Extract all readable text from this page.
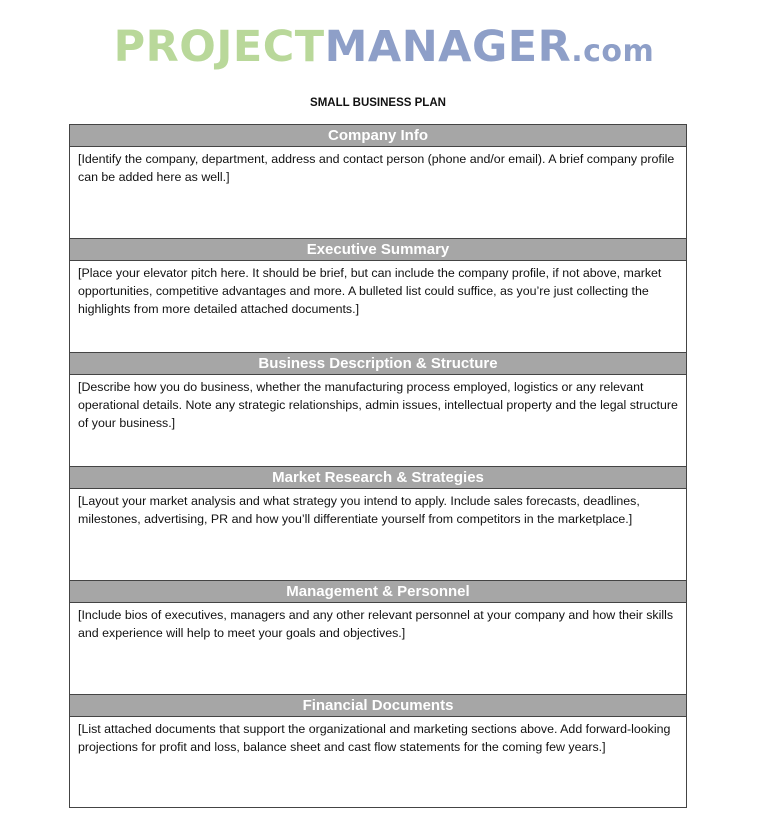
PROJECTMANAGER.com
SMALL BUSINESS PLAN
Company Info
[Identify the company, department, address and contact person (phone and/or email). A brief company profile can be added here as well.]
Executive Summary
[Place your elevator pitch here. It should be brief, but can include the company profile, if not above, market opportunities, competitive advantages and more. A bulleted list could suffice, as you’re just collecting the highlights from more detailed attached documents.]
Business Description & Structure
[Describe how you do business, whether the manufacturing process employed, logistics or any relevant operational details. Note any strategic relationships, admin issues, intellectual property and the legal structure of your business.]
Market Research & Strategies
[Layout your market analysis and what strategy you intend to apply. Include sales forecasts, deadlines, milestones, advertising, PR and how you’ll differentiate yourself from competitors in the marketplace.]
Management & Personnel
[Include bios of executives, managers and any other relevant personnel at your company and how their skills and experience will help to meet your goals and objectives.]
Financial Documents
[List attached documents that support the organizational and marketing sections above. Add forward-looking projections for profit and loss, balance sheet and cast flow statements for the coming few years.]
